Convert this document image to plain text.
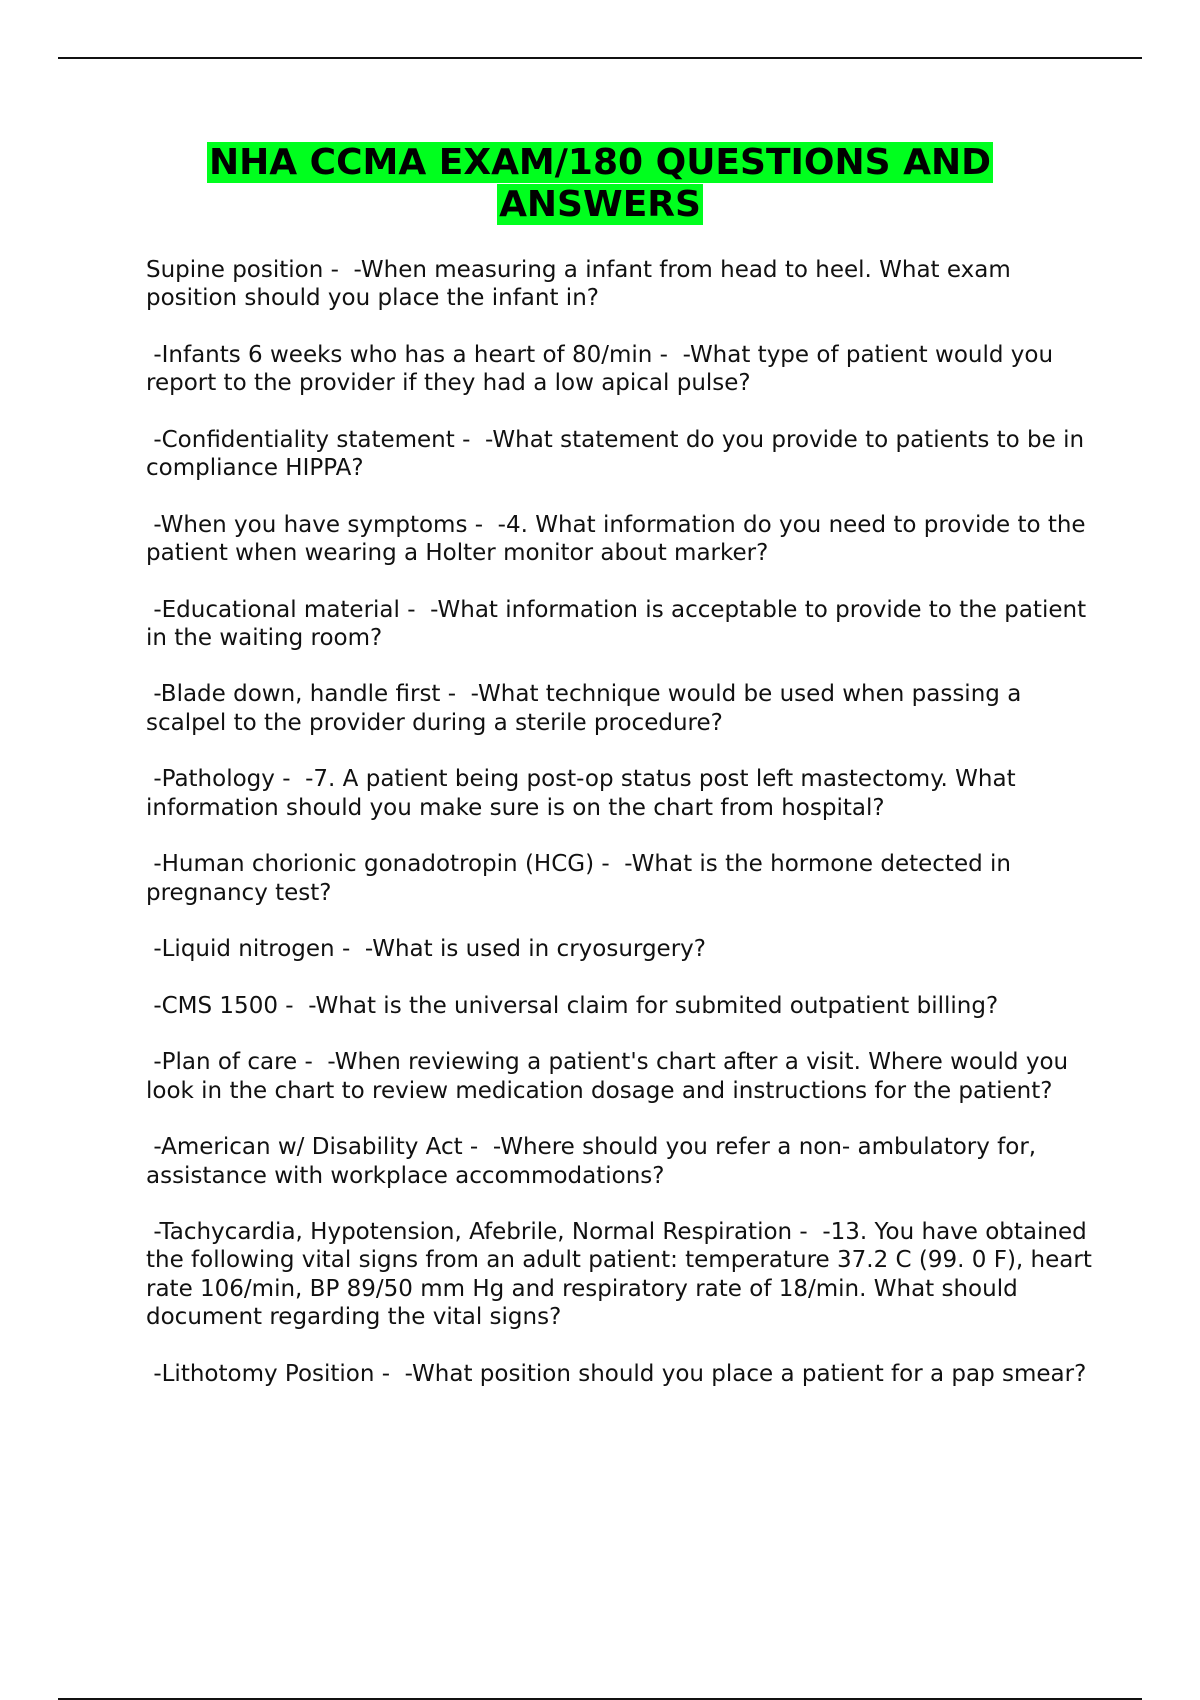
NHA CCMA EXAM/180 QUESTIONS AND
ANSWERS
Supine position -  -When measuring a infant from head to heel. What exam position should you place the infant in?
-Infants 6 weeks who has a heart of 80/min -  -What type of patient would you report to the provider if they had a low apical pulse?
-Confidentiality statement -  -What statement do you provide to patients to be in compliance HIPPA?
-When you have symptoms -  -4. What information do you need to provide to the patient when wearing a Holter monitor about marker?
-Educational material -  -What information is acceptable to provide to the patient in the waiting room?
-Blade down, handle first -  -What technique would be used when passing a scalpel to the provider during a sterile procedure?
-Pathology -  -7. A patient being post-op status post left mastectomy. What information should you make sure is on the chart from hospital?
-Human chorionic gonadotropin (HCG) -  -What is the hormone detected in pregnancy test?
-Liquid nitrogen -  -What is used in cryosurgery?
-CMS 1500 -  -What is the universal claim for submited outpatient billing?
-Plan of care -  -When reviewing a patient's chart after a visit. Where would you look in the chart to review medication dosage and instructions for the patient?
-American w/ Disability Act -  -Where should you refer a non- ambulatory for, assistance with workplace accommodations?
-Tachycardia, Hypotension, Afebrile, Normal Respiration -  -13. You have obtained the following vital signs from an adult patient: temperature 37.2 C (99. 0 F), heart rate 106/min, BP 89/50 mm Hg and respiratory rate of 18/min. What should document regarding the vital signs?
-Lithotomy Position -  -What position should you place a patient for a pap smear?
